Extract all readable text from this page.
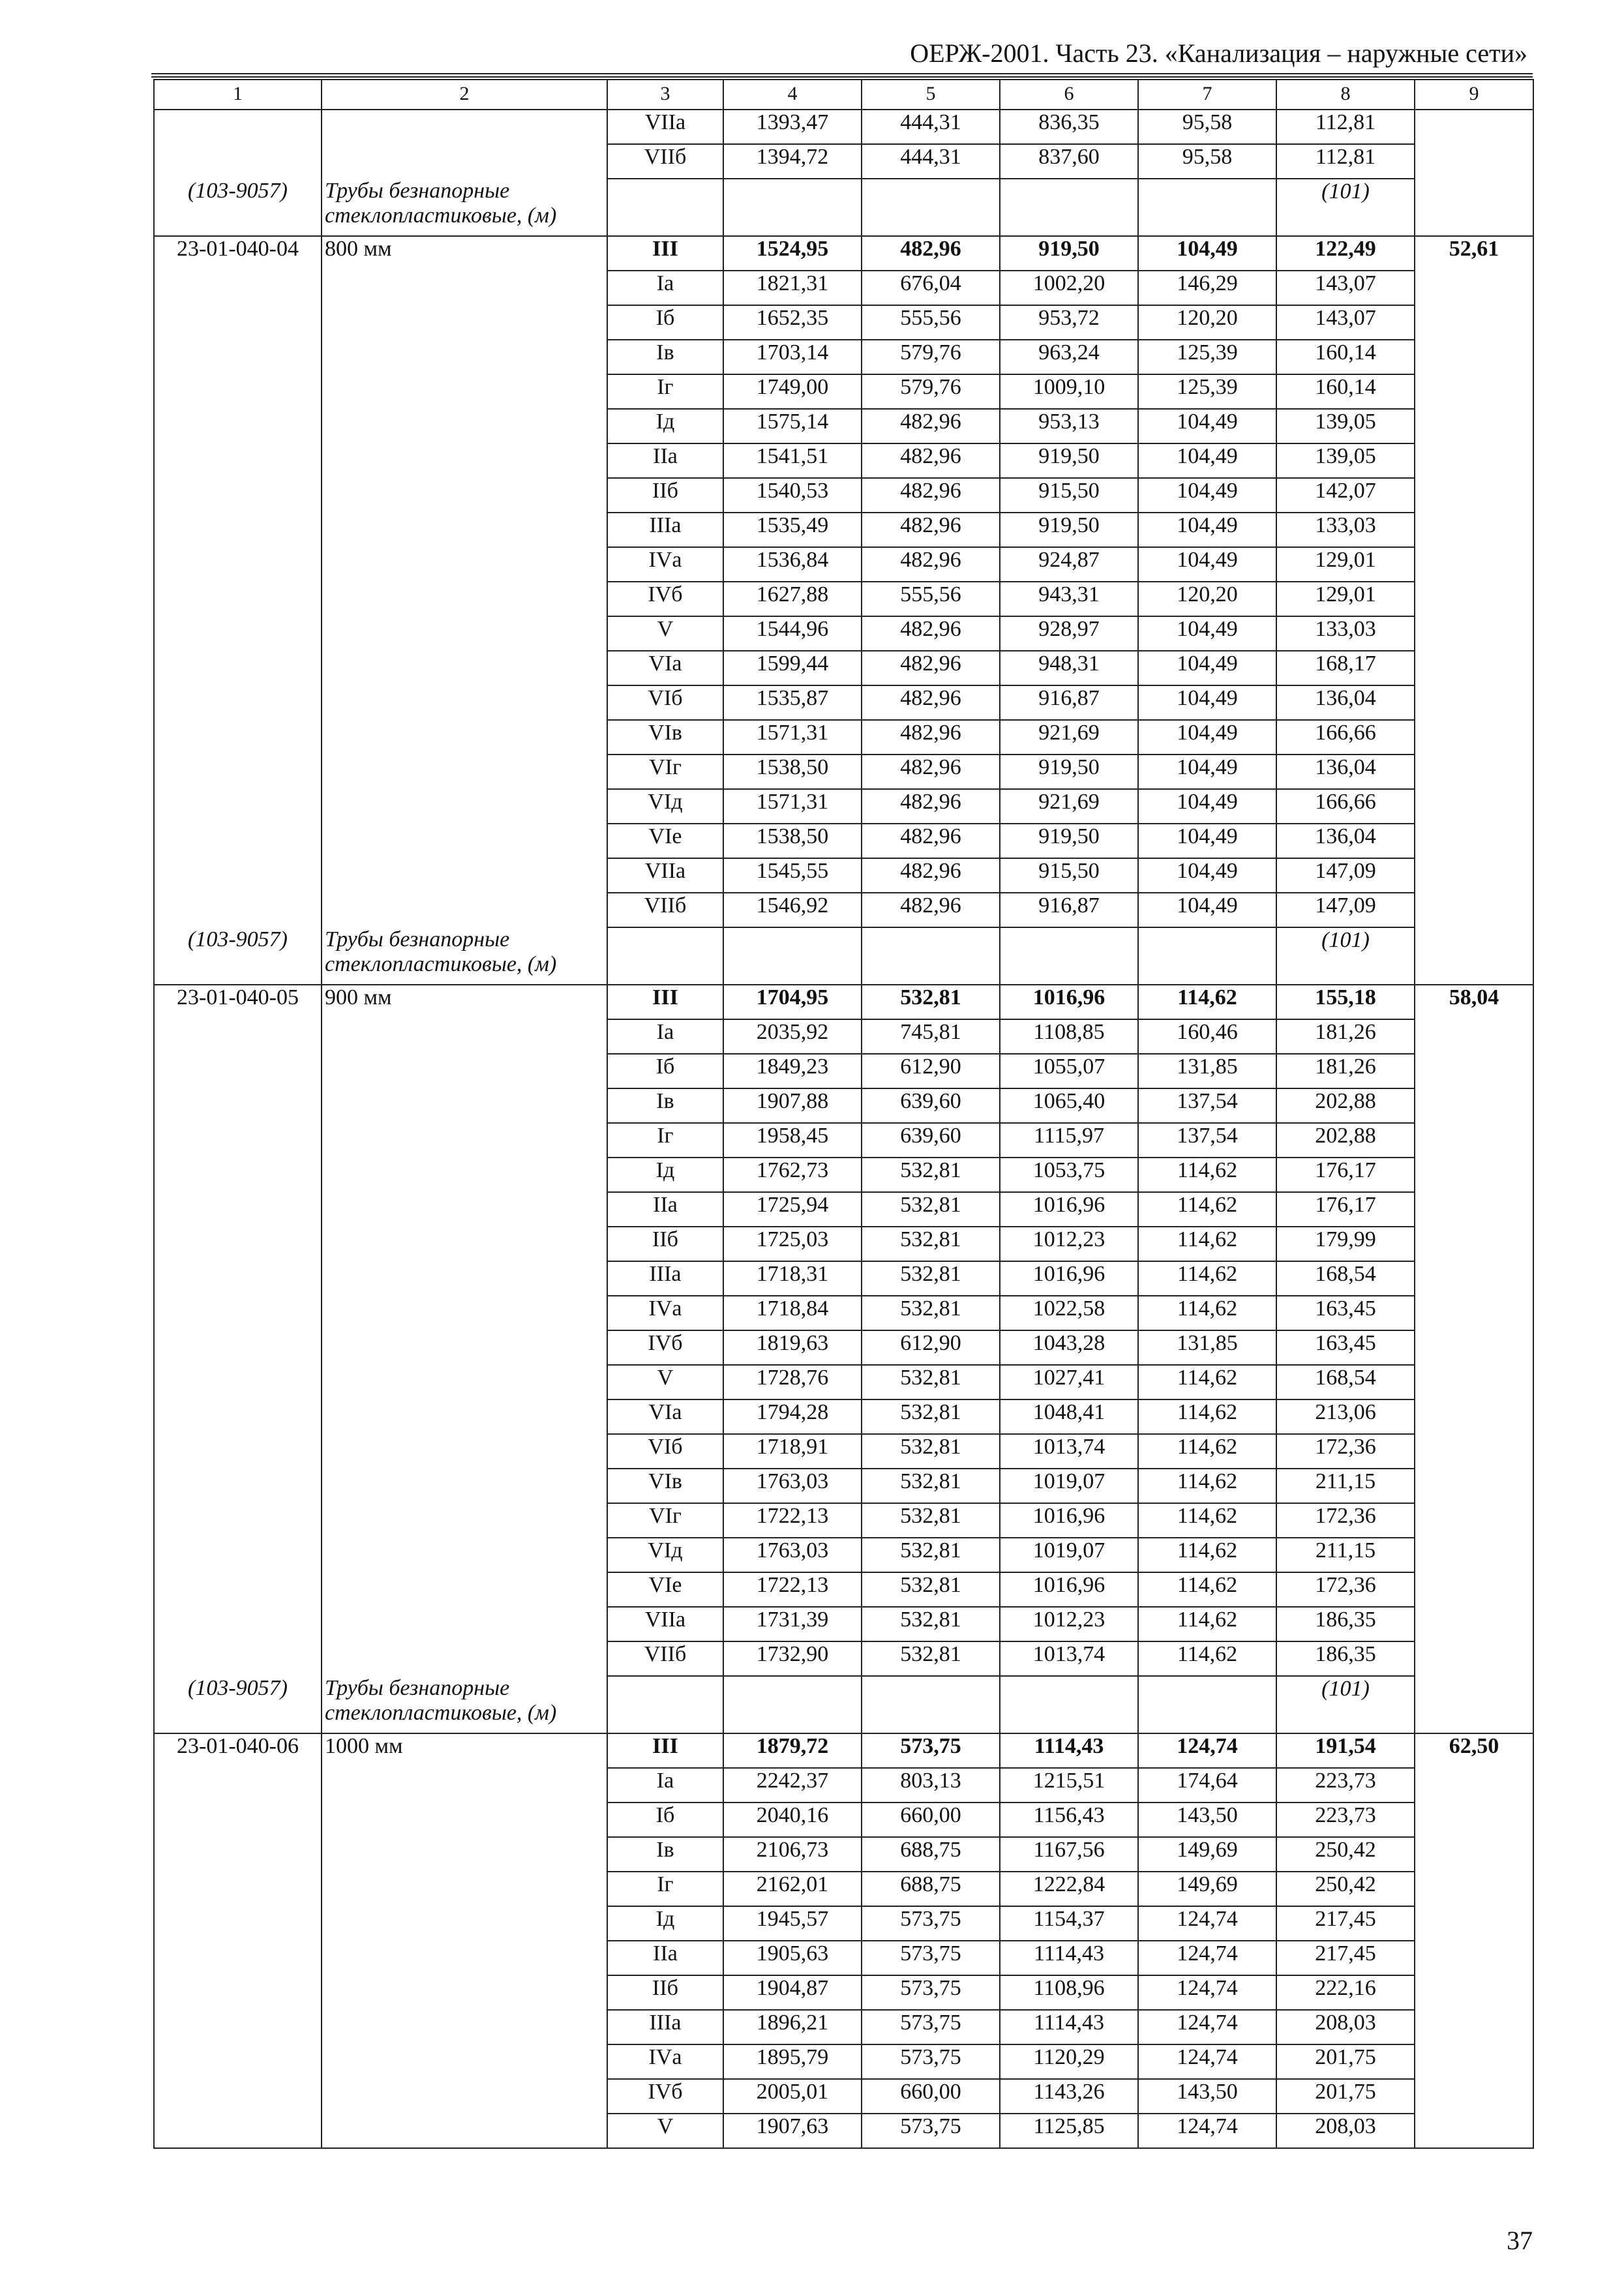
ОЕРЖ-2001. Часть 23. «Канализация – наружные сети»
1	2	3	4	5	6	7	8	9
		VIIа	1393,47	444,31	836,35	95,58	112,81	
		VIIб	1394,72	444,31	837,60	95,58	112,81	
(103-9057)	Трубы безнапорные стеклопластиковые, (м)						(101)	
23-01-040-04	800 мм	III	1524,95	482,96	919,50	104,49	122,49	52,61
		Iа	1821,31	676,04	1002,20	146,29	143,07	
		Iб	1652,35	555,56	953,72	120,20	143,07	
		Iв	1703,14	579,76	963,24	125,39	160,14	
		Iг	1749,00	579,76	1009,10	125,39	160,14	
		Iд	1575,14	482,96	953,13	104,49	139,05	
		IIа	1541,51	482,96	919,50	104,49	139,05	
		IIб	1540,53	482,96	915,50	104,49	142,07	
		IIIа	1535,49	482,96	919,50	104,49	133,03	
		IVа	1536,84	482,96	924,87	104,49	129,01	
		IVб	1627,88	555,56	943,31	120,20	129,01	
		V	1544,96	482,96	928,97	104,49	133,03	
		VIа	1599,44	482,96	948,31	104,49	168,17	
		VIб	1535,87	482,96	916,87	104,49	136,04	
		VIв	1571,31	482,96	921,69	104,49	166,66	
		VIг	1538,50	482,96	919,50	104,49	136,04	
		VIд	1571,31	482,96	921,69	104,49	166,66	
		VIе	1538,50	482,96	919,50	104,49	136,04	
		VIIа	1545,55	482,96	915,50	104,49	147,09	
		VIIб	1546,92	482,96	916,87	104,49	147,09	
(103-9057)	Трубы безнапорные стеклопластиковые, (м)						(101)	
23-01-040-05	900 мм	III	1704,95	532,81	1016,96	114,62	155,18	58,04
		Iа	2035,92	745,81	1108,85	160,46	181,26	
		Iб	1849,23	612,90	1055,07	131,85	181,26	
		Iв	1907,88	639,60	1065,40	137,54	202,88	
		Iг	1958,45	639,60	1115,97	137,54	202,88	
		Iд	1762,73	532,81	1053,75	114,62	176,17	
		IIа	1725,94	532,81	1016,96	114,62	176,17	
		IIб	1725,03	532,81	1012,23	114,62	179,99	
		IIIа	1718,31	532,81	1016,96	114,62	168,54	
		IVа	1718,84	532,81	1022,58	114,62	163,45	
		IVб	1819,63	612,90	1043,28	131,85	163,45	
		V	1728,76	532,81	1027,41	114,62	168,54	
		VIа	1794,28	532,81	1048,41	114,62	213,06	
		VIб	1718,91	532,81	1013,74	114,62	172,36	
		VIв	1763,03	532,81	1019,07	114,62	211,15	
		VIг	1722,13	532,81	1016,96	114,62	172,36	
		VIд	1763,03	532,81	1019,07	114,62	211,15	
		VIе	1722,13	532,81	1016,96	114,62	172,36	
		VIIа	1731,39	532,81	1012,23	114,62	186,35	
		VIIб	1732,90	532,81	1013,74	114,62	186,35	
(103-9057)	Трубы безнапорные стеклопластиковые, (м)						(101)	
23-01-040-06	1000 мм	III	1879,72	573,75	1114,43	124,74	191,54	62,50
		Iа	2242,37	803,13	1215,51	174,64	223,73	
		Iб	2040,16	660,00	1156,43	143,50	223,73	
		Iв	2106,73	688,75	1167,56	149,69	250,42	
		Iг	2162,01	688,75	1222,84	149,69	250,42	
		Iд	1945,57	573,75	1154,37	124,74	217,45	
		IIа	1905,63	573,75	1114,43	124,74	217,45	
		IIб	1904,87	573,75	1108,96	124,74	222,16	
		IIIа	1896,21	573,75	1114,43	124,74	208,03	
		IVа	1895,79	573,75	1120,29	124,74	201,75	
		IVб	2005,01	660,00	1143,26	143,50	201,75	
		V	1907,63	573,75	1125,85	124,74	208,03	
37
